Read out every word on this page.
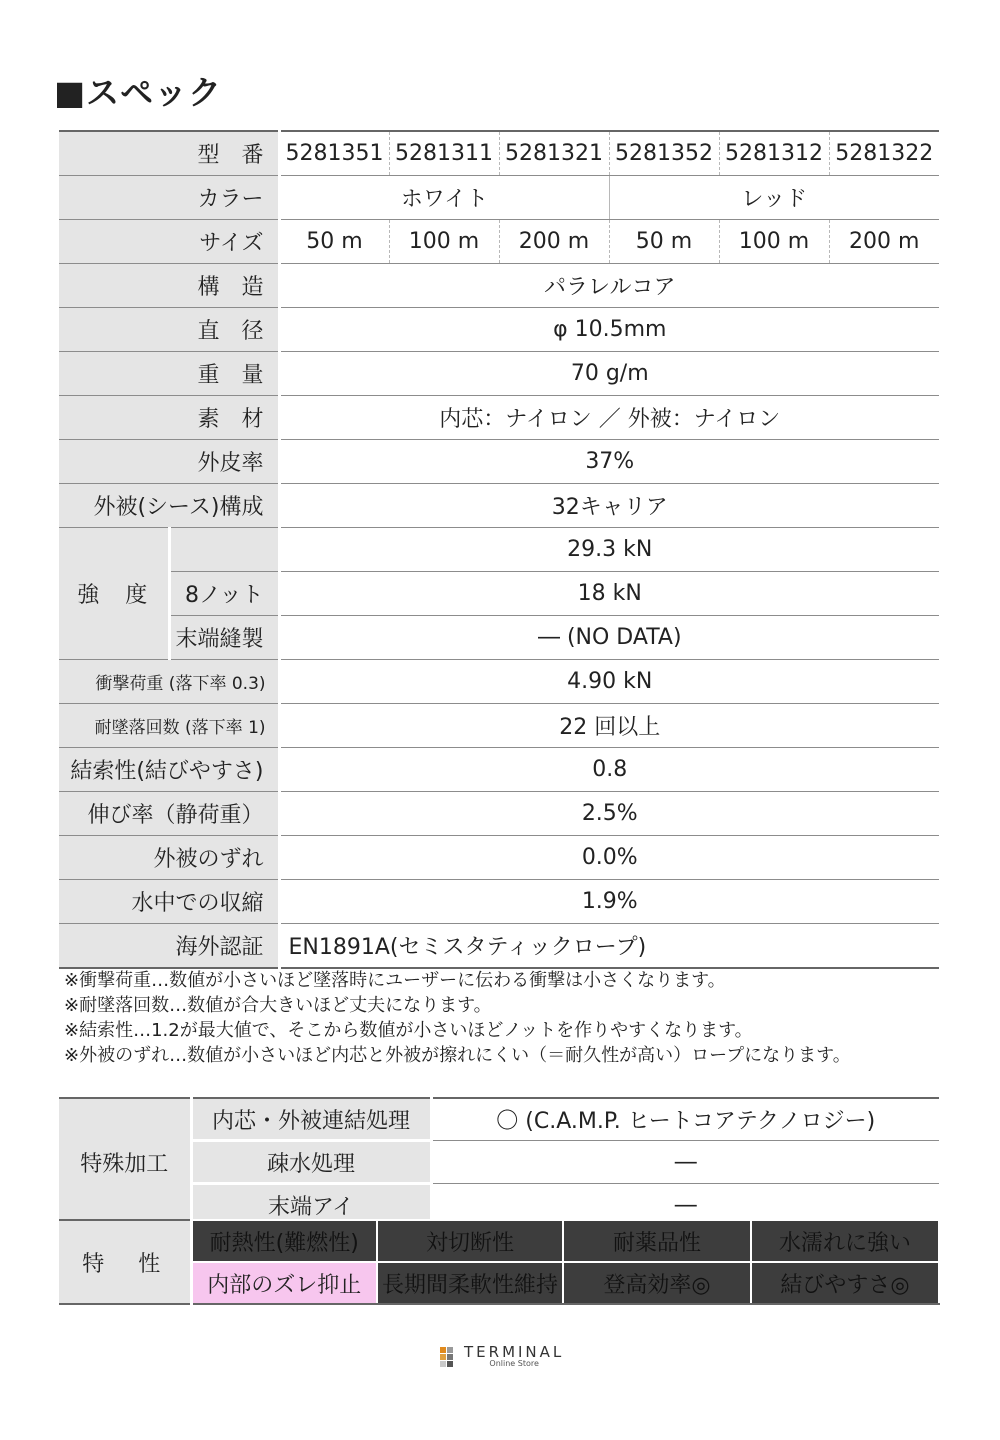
■スペック
型　番		5281351	5281311	5281321	5281352	5281312	5281322
カラー		ホワイト			レッド		
サイズ		50 m	100 m	200 m	50 m	100 m	200 m
構　造		パラレルコア					
直　径		φ 10.5mm					
重　量		70 g/m					
素　材		内芯：ナイロン ／ 外被：ナイロン					
外皮率		37%					
外被(シース)構成		32キャリア					
強　度		29.3 kN					
	8ノット	18 kN					
	末端縫製	― (NO DATA)					
衝撃荷重 (落下率 0.3)		4.90 kN					
耐墜落回数 (落下率 1)		22 回以上					
結索性(結びやすさ)		0.8					
伸び率（静荷重）		2.5%					
外被のずれ		0.0%					
水中での収縮		1.9%					
海外認証		EN1891A(セミスタティックロープ)					
※衝撃荷重…数値が小さいほど墜落時にユーザーに伝わる衝撃は小さくなります。
※耐墜落回数…数値が合大きいほど丈夫になります。
※結索性…1.2が最大値で、そこから数値が小さいほどノットを作りやすくなります。
※外被のずれ…数値が小さいほど内芯と外被が擦れにくい（＝耐久性が高い）ロープになります。
特殊加工	内芯・外被連結処理	〇 (C.A.M.P. ヒートコアテクノロジー)
	疎水処理	―
	末端アイ	―
特　性	耐熱性(難燃性)	対切断性	耐薬品性	水濡れに強い
	内部のズレ抑止	長期間柔軟性維持	登高効率◎	結びやすさ◎
TERMINAL
Online Store
